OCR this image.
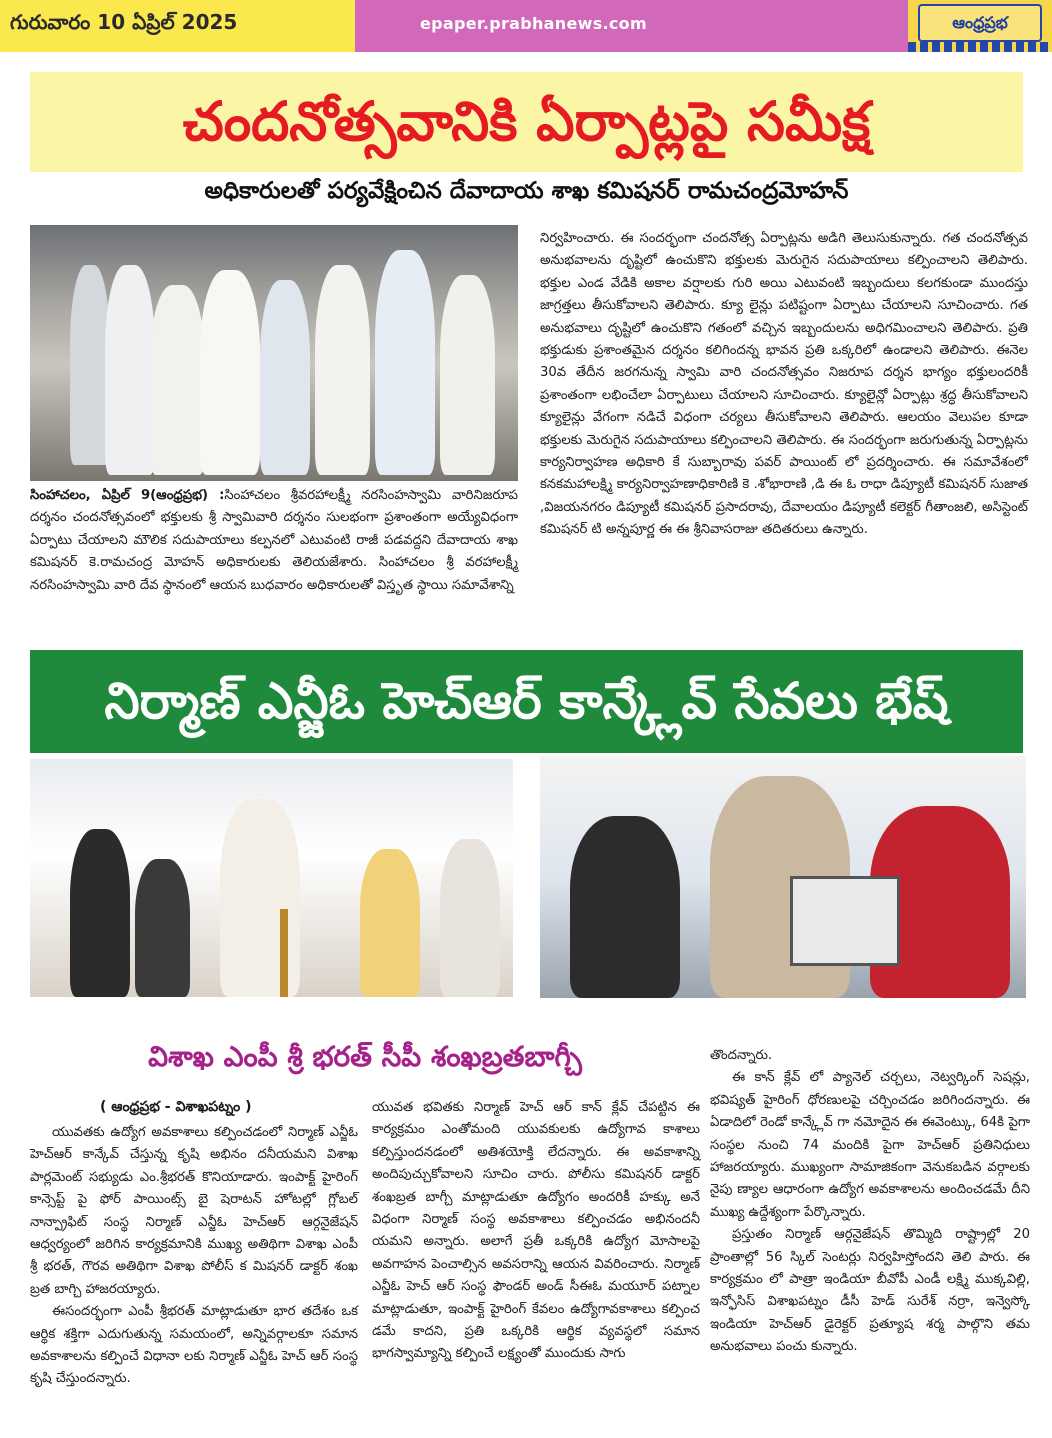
గురువారం 10 ఏప్రిల్ 2025	epaper.prabhanews.com	ఆంధ్రప్రభ
చందనోత్సవానికి ఏర్పాట్లపై సమీక్ష
అధికారులతో పర్యవేక్షించిన దేవాదాయ శాఖ కమిషనర్ రామచంద్రమోహన్
సింహాచలం, ఏప్రిల్ 9(ఆంధ్రప్రభ) :సింహాచలం శ్రీవరహాలక్ష్మీ నరసింహస్వామి వారినిజరూప దర్శనం చందనోత్సవంలో భక్తులకు శ్రీ స్వామివారి దర్శనం సులభంగా ప్రశాంతంగా అయ్యేవిధంగా ఏర్పాటు చేయాలని మౌలిక సదుపాయాలు కల్పనలో ఎటువంటి రాజీ పడవద్దని దేవాదాయ శాఖ కమిషనర్ కె.రామచంద్ర మోహన్ అధికారులకు తెలియజేశారు. సింహాచలం శ్రీ వరహాలక్ష్మీ నరసింహస్వామి వారి దేవ స్థానంలో ఆయన బుధవారం అధికారులతో విస్తృత స్థాయి సమావేశాన్ని
నిర్వహించారు. ఈ సందర్భంగా చందనోత్స ఏర్పాట్లను అడిగి తెలుసుకున్నారు. గత చందనోత్సవ అనుభవాలను దృష్టిలో ఉంచుకొని భక్తులకు మెరుగైన సదుపాయాలు కల్పించాలని తెలిపారు. భక్తుల ఎండ వేడికి అకాల వర్షాలకు గురి అయి ఎటువంటి ఇబ్బందులు కలగకుండా ముందస్తు జాగ్రత్తలు తీసుకోవాలని తెలిపారు. క్యూ లైన్లు పటిష్టంగా ఏర్పాటు చేయాలని సూచించారు. గత అనుభవాలు దృష్టిలో ఉంచుకొని గతంలో వచ్చిన ఇబ్బందులను అధిగమించాలని తెలిపారు. ప్రతి భక్తుడుకు ప్రశాంతమైన దర్శనం కలిగిందన్న భావన ప్రతి ఒక్కరిలో ఉండాలని తెలిపారు. ఈనెల 30వ తేదీన జరగనున్న స్వామి వారి చందనోత్సవం నిజరూప దర్శన భాగ్యం భక్తులందరికీ ప్రశాంతంగా లభించేలా ఏర్పాటులు చేయాలని సూచించారు. క్యూలైన్లో ఏర్పాట్లు శ్రద్ధ తీసుకోవాలని క్యూలైన్లు వేగంగా నడిచే విధంగా చర్యలు తీసుకోవాలని తెలిపారు. ఆలయం వెలుపల కూడా భక్తులకు మెరుగైన సదుపాయాలు కల్పించాలని తెలిపారు. ఈ సందర్భంగా జరుగుతున్న ఏర్పాట్లను కార్యనిర్వాహణ అధికారి కే సుబ్బారావు పవర్ పాయింట్ లో ప్రదర్శించారు. ఈ సమావేశంలో కనకమహాలక్ష్మి కార్యనిర్వాహణాధికారిణి కె .శోభారాణి ,డి ఈ ఓ రాధా డిప్యూటీ కమిషనర్ సుజాత ,విజయనగరం డిప్యూటీ కమిషనర్ ప్రసాదరావు, దేవాలయం డిప్యూటీ కలెక్టర్ గీతాంజలి, అసిస్టెంట్ కమిషనర్ టి అన్నపూర్ణ ఈ ఈ శ్రీనివాసరాజు తదితరులు ఉన్నారు.
నిర్మాణ్ ఎన్జీఓ హెచ్ఆర్ కాన్క్లేవ్ సేవలు భేష్
విశాఖ ఎంపీ శ్రీ భరత్ సీపీ శంఖబ్రతబాగ్చీ
( ఆంధ్రప్రభ - విశాఖపట్నం )

యువతకు ఉద్యోగ అవకాశాలు కల్పించడంలో నిర్మాణ్ ఎన్జీఓ హెచ్ఆర్ కాన్కేవ్ చేస్తున్న కృషి అభినం దనీయమని విశాఖ పార్లమెంట్ సభ్యుడు ఎం.శ్రీభరత్ కొనియాడారు. ఇంపాక్ట్ హైరింగ్ కాన్సెప్ట్ పై ఫోర్ పాయింట్స్ బై షెరాటన్ హోటల్లో గ్లోబల్ నాన్ప్రాఫిట్ సంస్థ నిర్మాణ్ ఎన్జీఓ హెచ్ఆర్ ఆర్గనైజేషన్ ఆధ్వర్యంలో జరిగిన కార్యక్రమానికి ముఖ్య అతిథిగా విశాఖ ఎంపీ శ్రీ భరత్, గౌరవ అతిథిగా విశాఖ పోలీస్ క మిషనర్ డాక్టర్ శంఖ బ్రత బాగ్చి హాజరయ్యారు.

ఈసందర్భంగా ఎంపీ శ్రీభరత్ మాట్లాడుతూ భార తదేశం ఒక ఆర్థిక శక్తిగా ఎదుగుతున్న సమయంలో, అన్నివర్గాలకూ సమాన అవకాశాలను కల్పించే విధానా లకు నిర్మాణ్ ఎన్జీఓ హెచ్ ఆర్ సంస్థ కృషి చేస్తుందన్నారు.

యువత భవితకు నిర్మాణ్ హెచ్ ఆర్ కాన్ క్లేవ్ చేపట్టిన ఈ కార్యక్రమం ఎంతోమంది యువకులకు ఉద్యోగావ కాశాలు కల్పిస్తుందనడంలో అతిశయోక్తి లేదన్నారు. ఈ అవకాశాన్ని అందిపుచ్చుకోవాలని సూచిం చారు. పోలీసు కమిషనర్ డాక్టర్ శంఖబ్రత బాగ్చీ మాట్లాడుతూ ఉద్యోగం అందరికీ హక్కు అనే విధంగా నిర్మాణ్ సంస్థ అవకాశాలు కల్పించడం అభినందనీ యమని అన్నారు. అలాగే ప్రతీ ఒక్కరికి ఉద్యోగ మోసాలపై అవగాహన పెంచాల్సిన అవసరాన్ని ఆయన వివరించారు. నిర్మాణ్ ఎన్జీఓ హెచ్ ఆర్ సంస్థ ఫౌండర్ అండ్ సీఈఓ మయూర్ పట్నాల మాట్లాడుతూ, ఇంపాక్ట్ హైరింగ్ కేవలం ఉద్యోగావకాశాలు కల్పించ డమే కాదని, ప్రతి ఒక్కరికి ఆర్థిక వ్యవస్థలో సమాన భాగస్వామ్యాన్ని కల్పించే లక్ష్యంతో ముందుకు సాగు

తొందన్నారు.

ఈ కాన్ క్లేవ్ లో ప్యానెల్ చర్చలు, నెట్వర్కింగ్ సెషన్లు, భవిష్యత్ హైరింగ్ ధోరణులపై చర్చించడం జరిగిందన్నారు. ఈ ఏడాదిలో రెండో కాన్క్లేవ్ గా నమోదైన ఈ ఈవెంట్కు, 64కి పైగా సంస్థల నుంచి 74 మందికి పైగా హెచ్ఆర్ ప్రతినిధులు హాజరయ్యారు. ముఖ్యంగా సామాజికంగా వెనుకబడిన వర్గాలకు నైపు ణ్యాల ఆధారంగా ఉద్యోగ అవకాశాలను అందించడమే దీని ముఖ్య ఉద్దేశ్యంగా పేర్కొన్నారు.

ప్రస్తుతం నిర్మాణ్ ఆర్గనైజేషన్ తొమ్మిది రాష్ట్రాల్లో 20 ప్రాంతాల్లో 56 స్కిల్ సెంటర్లు నిర్వహిస్తోందని తెలి పారు. ఈ కార్యక్రమం లో పాత్రా ఇండియా బీవోపీ ఎండీ లక్ష్మి ముక్కవిల్లి, ఇన్ఫోసిస్ విశాఖపట్నం డీసీ హెడ్ సురేశ్ నర్రా, ఇన్వెస్కో ఇండియా హెచ్ఆర్ డైరెక్టర్ ప్రత్యూష శర్మ పాల్గొని తమ అనుభవాలు పంచు కున్నారు.
